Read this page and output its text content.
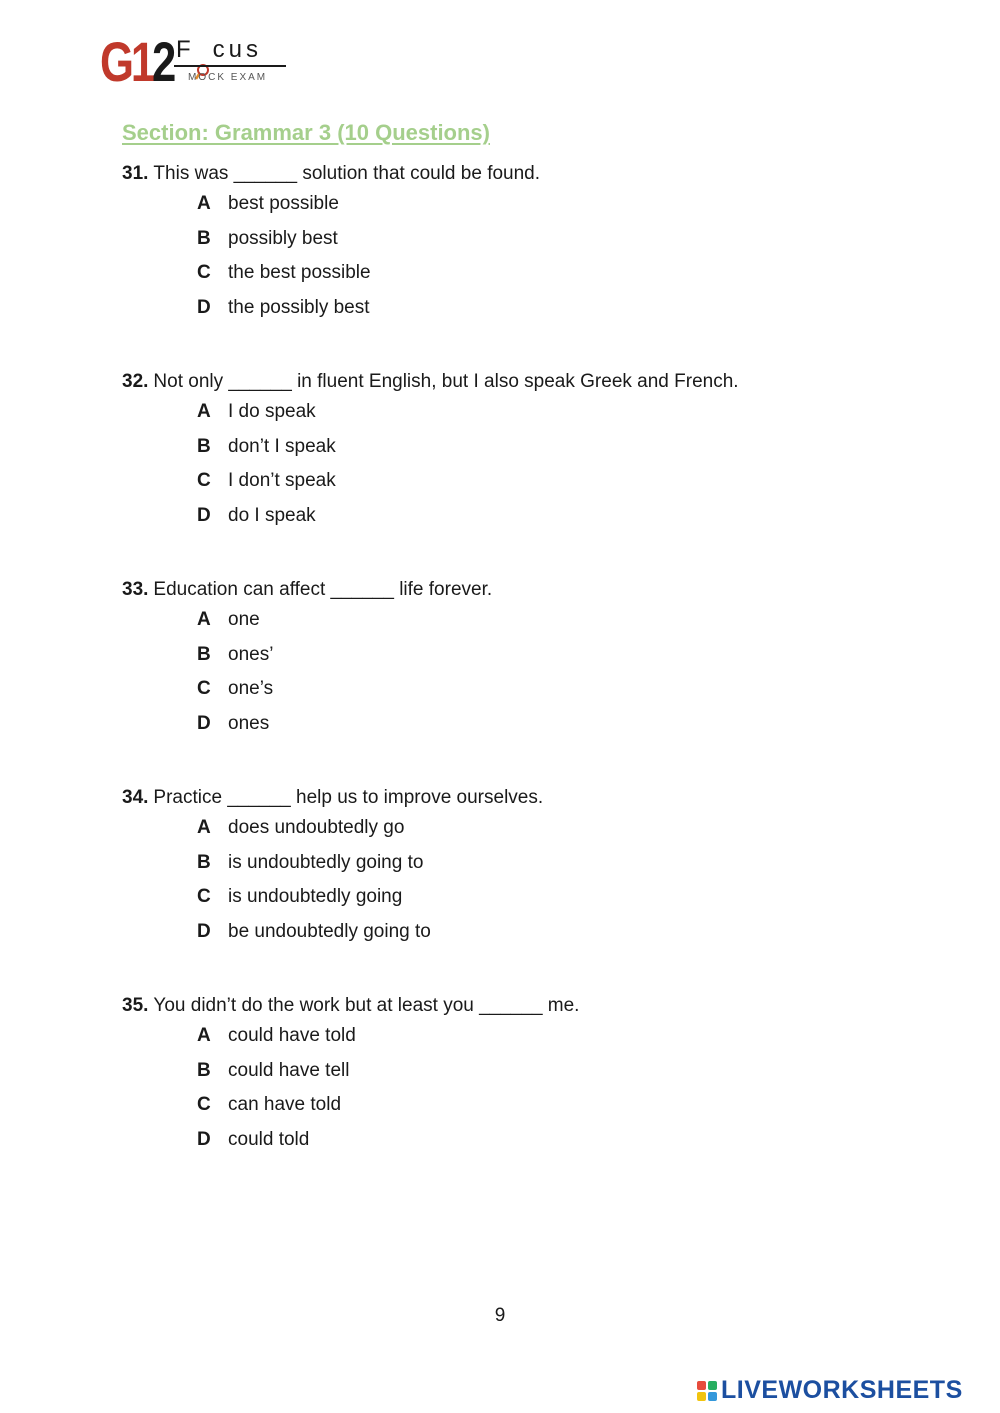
G12 F cus
MOCK EXAM
Section: Grammar 3 (10 Questions)
31. This was ______ solution that could be found.
A best possible
B possibly best
C the best possible
D the possibly best
32. Not only ______ in fluent English, but I also speak Greek and French.
A I do speak
B don’t I speak
C I don’t speak
D do I speak
33. Education can affect ______ life forever.
A one
B ones’
C one’s
D ones
34. Practice ______ help us to improve ourselves.
A does undoubtedly go
B is undoubtedly going to
C is undoubtedly going
D be undoubtedly going to
35. You didn’t do the work but at least you ______ me.
A could have told
B could have tell
C can have told
D could told
9
LIVEWORKSHEETS
